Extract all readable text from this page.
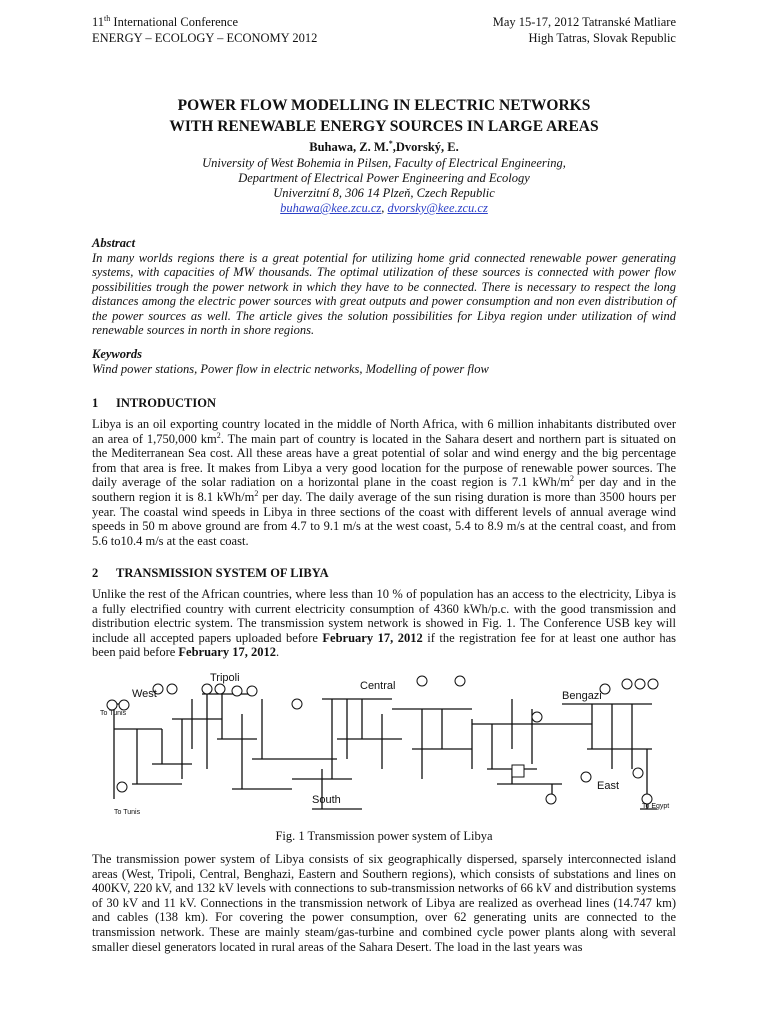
11th International Conference
ENERGY – ECOLOGY – ECONOMY 2012
May 15-17, 2012 Tatranské Matliare
High Tatras, Slovak Republic
POWER FLOW MODELLING IN ELECTRIC NETWORKS
WITH RENEWABLE ENERGY SOURCES IN LARGE AREAS
Buhawa, Z. M.*,Dvorský, E.
University of West Bohemia in Pilsen, Faculty of Electrical Engineering,
Department of Electrical Power Engineering and Ecology
Univerzitní 8, 306 14 Plzeň, Czech Republic
buhawa@kee.zcu.cz, dvorsky@kee.zcu.cz
Abstract
In many worlds regions there is a great potential for utilizing home grid connected renewable power generating systems, with capacities of MW thousands. The optimal utilization of these sources is connected with power flow possibilities trough the power network in which they have to be connected. There is necessary to respect the long distances among the electric power sources with great outputs and power consumption and non even distribution of the power sources as well. The article gives the solution possibilities for Libya region under utilization of wind renewable sources in north in shore regions.
Keywords
Wind power stations, Power flow in electric networks, Modelling of power flow
1 INTRODUCTION
Libya is an oil exporting country located in the middle of North Africa, with 6 million inhabitants distributed over an area of 1,750,000 $km^2$. The main part of country is located in the Sahara desert and northern part is situated on the Mediterranean Sea cost. All these areas have a great potential of solar and wind energy and the big percentage from that area is free. It makes from Libya a very good location for the purpose of renewable power sources. The daily average of the solar radiation on a horizontal plane in the coast region is 7.1 kWh/$m^2$ per day and in the southern region it is 8.1 kWh/$m^2$ per day. The daily average of the sun rising duration is more than 3500 hours per year. The coastal wind speeds in Libya in three sections of the coast with different levels of annual average wind speeds in 50 m above ground are from 4.7 to 9.1 m/s at the west coast, 5.4 to 8.9 m/s at the central coast, and from 5.6 to10.4 m/s at the east coast.
2 TRANSMISSION SYSTEM OF LIBYA
Unlike the rest of the African countries, where less than 10 % of population has an access to the electricity, Libya is a fully electrified country with current electricity consumption of 4360 kWh/p.c. with the good transmission and distribution electric system. The transmission system network is showed in Fig. 1. The Conference USB key will include all accepted papers uploaded before February 17, 2012 if the registration fee for at least one author has been paid before February 17, 2012.
West
Tripoli
Central
Bengazi
East
South
To Tunis
To Tunis
To Egypt
Fig. 1 Transmission power system of Libya
The transmission power system of Libya consists of six geographically dispersed, sparsely interconnected island areas (West, Tripoli, Central, Benghazi, Eastern and Southern regions), which consists of substations and lines on 400KV, 220 kV, and 132 kV levels with connections to sub-transmission networks of 66 kV and distribution systems of 30 kV and 11 kV. Connections in the transmission network of Libya are realized as overhead lines (14.747 km) and cables (138 km). For covering the power consumption, over 62 generating units are connected to the transmission network. These are mainly steam/gas-turbine and combined cycle power plants along with several smaller diesel generators located in rural areas of the Sahara Desert. The load in the last years was
